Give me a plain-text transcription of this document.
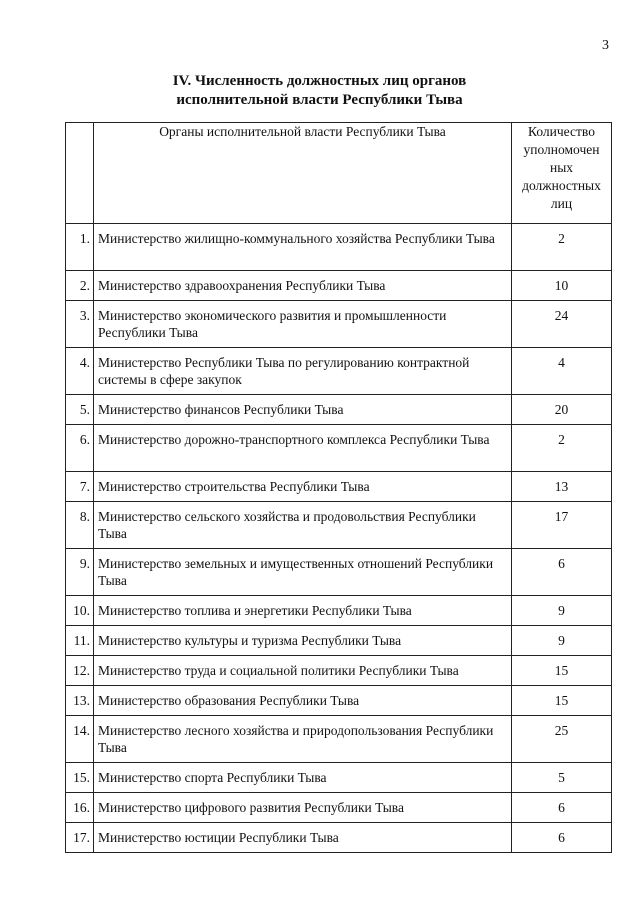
3
IV. Численность должностных лиц органов
исполнительной власти Республики Тыва
	Органы исполнительной власти Республики Тыва	Количество уполномочен ных должностных лиц
1.	Министерство жилищно-коммунального хозяйства Республики Тыва	2
2.	Министерство здравоохранения Республики Тыва	10
3.	Министерство экономического развития и промышленности Республики Тыва	24
4.	Министерство Республики Тыва по регулированию контрактной системы в сфере закупок	4
5.	Министерство финансов Республики Тыва	20
6.	Министерство дорожно-транспортного комплекса Республики Тыва	2
7.	Министерство строительства Республики Тыва	13
8.	Министерство сельского хозяйства и продовольствия Республики Тыва	17
9.	Министерство земельных и имущественных отношений Республики Тыва	6
10.	Министерство топлива и энергетики Республики Тыва	9
11.	Министерство культуры и туризма Республики Тыва	9
12.	Министерство труда и социальной политики Республики Тыва	15
13.	Министерство образования Республики Тыва	15
14.	Министерство лесного хозяйства и природопользования Республики Тыва	25
15.	Министерство спорта Республики Тыва	5
16.	Министерство цифрового развития Республики Тыва	6
17.	Министерство юстиции Республики Тыва	6
